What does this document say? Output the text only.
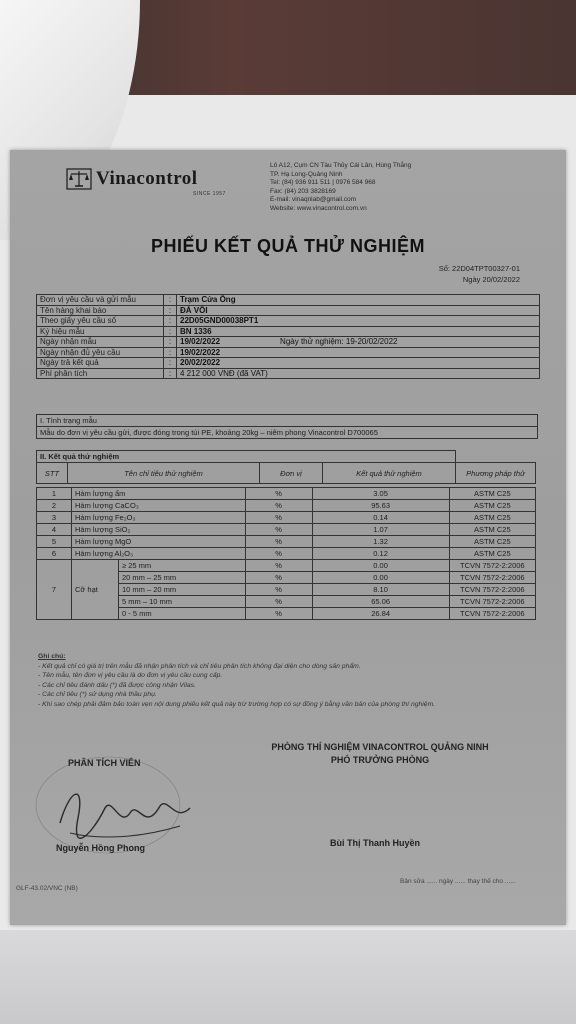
Vinacontrol
SINCE 1957
Lô A12, Cụm CN Tàu Thủy Cái Lân, Hùng Thắng
TP. Hạ Long-Quảng Ninh
Tel: (84) 936 911 511 | 0976 584 968
Fax: (84) 203 3828169
E-mail: vinaqnlab@gmail.com
Website: www.vinacontrol.com.vn
PHIẾU KẾT QUẢ THỬ NGHIỆM
Số: 22D04TPT00327-01
Ngày 20/02/2022
Đơn vị yêu cầu và gửi mẫu	:	Trạm Cửa Ông
Tên hàng khai báo	:	ĐÁ VÔI
Theo giấy yêu cầu số	:	22D05GND00038PT1
Ký hiệu mẫu	:	BN 1336
Ngày nhận mẫu	:	19/02/2022 Ngày thử nghiệm: 19-20/02/2022
Ngày nhận đủ yêu cầu	:	19/02/2022
Ngày trả kết quả	:	20/02/2022
Phí phân tích	:	4 212 000 VNĐ (đã VAT)
I. Tình trạng mẫu
Mẫu do đơn vị yêu cầu gửi, được đóng trong túi PE, khoảng 20kg – niêm phong Vinacontrol D700065
II. Kết quả thử nghiệm
STT	Tên chỉ tiêu thử nghiệm	Đơn vị	Kết quả thử nghiệm	Phương pháp thử
1	Hàm lượng ẩm		%	3.05	ASTM C25
2	Hàm lượng CaCO₃		%	95.63	ASTM C25
3	Hàm lượng Fe₂O₃		%	0.14	ASTM C25
4	Hàm lượng SiO₂		%	1.07	ASTM C25
5	Hàm lượng MgO		%	1.32	ASTM C25
6	Hàm lượng Al₂O₃		%	0.12	ASTM C25
7	Cỡ hạt	≥ 25 mm	%	0.00	TCVN 7572-2:2006
		20 mm – 25 mm	%	0.00	TCVN 7572-2:2006
		10 mm – 20 mm	%	8.10	TCVN 7572-2:2006
		5 mm – 10 mm	%	65.06	TCVN 7572-2:2006
		0 - 5 mm	%	26.84	TCVN 7572-2:2006
Ghi chú:
- Kết quả chỉ có giá trị trên mẫu đã nhận phân tích và chỉ tiêu phân tích không đại diện cho dòng sản phẩm.
- Tên mẫu, tên đơn vị yêu cầu là do đơn vị yêu cầu cung cấp.
- Các chỉ tiêu đánh dấu (*) đã được công nhận Vilas.
- Các chỉ tiêu (*) sử dụng nhà thầu phụ.
- Khi sao chép phải đảm bảo toàn vẹn nội dung phiếu kết quả này trừ trường hợp có sự đồng ý bằng văn bản của phòng thí nghiệm.
PHÒNG THÍ NGHIỆM VINACONTROL QUẢNG NINH
PHÓ TRƯỞNG PHÒNG
PHÂN TÍCH VIÊN
Nguyễn Hồng Phong	Bùi Thị Thanh Huyền
GLF-43.02/VNC (NB)
Bản sửa ...... ngày ...... thay thế cho ......
